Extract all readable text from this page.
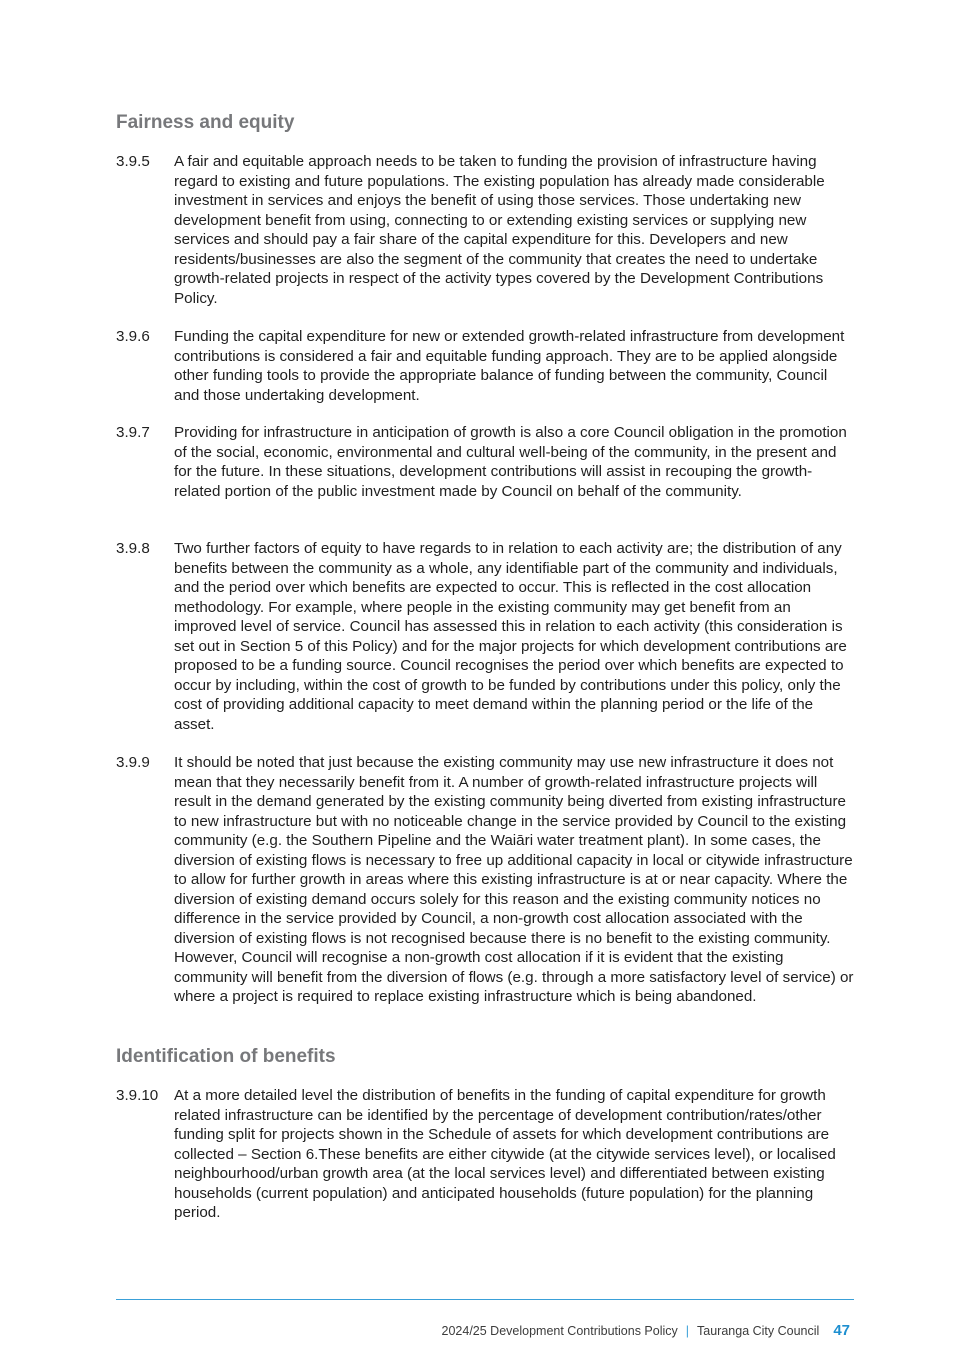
Fairness and equity
3.9.5	A fair and equitable approach needs to be taken to funding the provision of infrastructure having regard to existing and future populations. The existing population has already made considerable investment in services and enjoys the benefit of using those services. Those undertaking new development benefit from using, connecting to or extending existing services or supplying new services and should pay a fair share of the capital expenditure for this. Developers and new residents/businesses are also the segment of the community that creates the need to undertake growth-related projects in respect of the activity types covered by the Development Contributions Policy.
3.9.6	Funding the capital expenditure for new or extended growth-related infrastructure from development contributions is considered a fair and equitable funding approach. They are to be applied alongside other funding tools to provide the appropriate balance of funding between the community, Council and those undertaking development.
3.9.7	Providing for infrastructure in anticipation of growth is also a core Council obligation in the promotion of the social, economic, environmental and cultural well-being of the community, in the present and for the future. In these situations, development contributions will assist in recouping the growth-related portion of the public investment made by Council on behalf of the community.
3.9.8	Two further factors of equity to have regards to in relation to each activity are; the distribution of any benefits between the community as a whole, any identifiable part of the community and individuals, and the period over which benefits are expected to occur. This is reflected in the cost allocation methodology. For example, where people in the existing community may get benefit from an improved level of service. Council has assessed this in relation to each activity (this consideration is set out in Section 5 of this Policy) and for the major projects for which development contributions are proposed to be a funding source. Council recognises the period over which benefits are expected to occur by including, within the cost of growth to be funded by contributions under this policy, only the cost of providing additional capacity to meet demand within the planning period or the life of the asset.
3.9.9	It should be noted that just because the existing community may use new infrastructure it does not mean that they necessarily benefit from it. A number of growth-related infrastructure projects will result in the demand generated by the existing community being diverted from existing infrastructure to new infrastructure but with no noticeable change in the service provided by Council to the existing community (e.g. the Southern Pipeline and the Waiāri water treatment plant). In some cases, the diversion of existing flows is necessary to free up additional capacity in local or citywide infrastructure to allow for further growth in areas where this existing infrastructure is at or near capacity. Where the diversion of existing demand occurs solely for this reason and the existing community notices no difference in the service provided by Council, a non-growth cost allocation associated with the diversion of existing flows is not recognised because there is no benefit to the existing community. However, Council will recognise a non-growth cost allocation if it is evident that the existing community will benefit from the diversion of flows (e.g. through a more satisfactory level of service) or where a project is required to replace existing infrastructure which is being abandoned.
Identification of benefits
3.9.10	At a more detailed level the distribution of benefits in the funding of capital expenditure for growth related infrastructure can be identified by the percentage of development contribution/rates/other funding split for projects shown in the Schedule of assets for which development contributions are collected – Section 6.These benefits are either citywide (at the citywide services level), or localised neighbourhood/urban growth area (at the local services level) and differentiated between existing households (current population) and anticipated households (future population) for the planning period.
2024/25 Development Contributions Policy | Tauranga City Council 47
